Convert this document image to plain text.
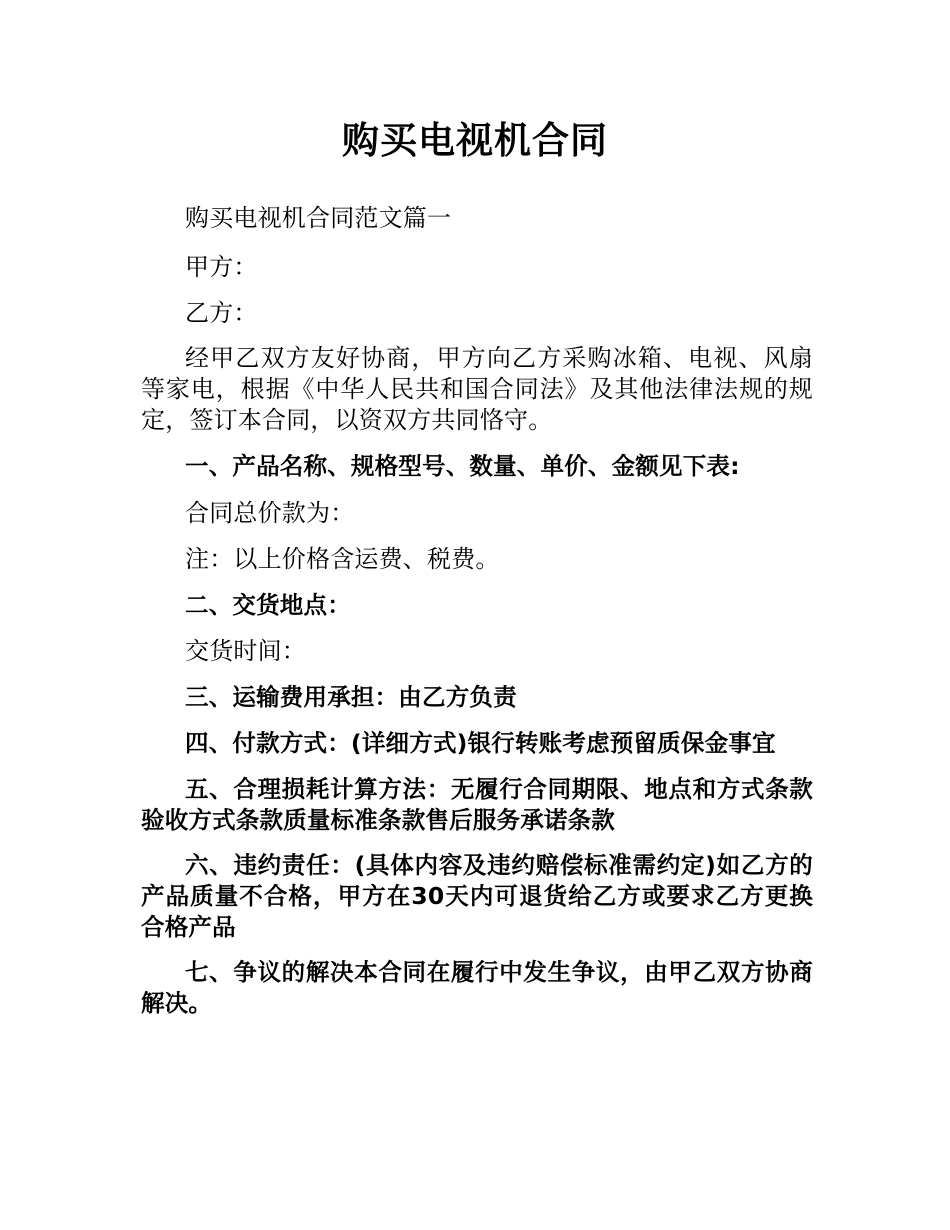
购买电视机合同

购买电视机合同范文篇一

甲方：

乙方：

经甲乙双方友好协商，甲方向乙方采购冰箱、电视、风扇等家电，根据《中华人民共和国合同法》及其他法律法规的规定，签订本合同，以资双方共同恪守。

一、产品名称、规格型号、数量、单价、金额见下表:

合同总价款为：

注：以上价格含运费、税费。

二、交货地点：

交货时间：

三、运输费用承担：由乙方负责

四、付款方式：(详细方式)银行转账考虑预留质保金事宜

五、合理损耗计算方法：无履行合同期限、地点和方式条款验收方式条款质量标准条款售后服务承诺条款

六、违约责任：(具体内容及违约赔偿标准需约定)如乙方的产品质量不合格，甲方在30天内可退货给乙方或要求乙方更换合格产品

七、争议的解决本合同在履行中发生争议，由甲乙双方协商解决。
